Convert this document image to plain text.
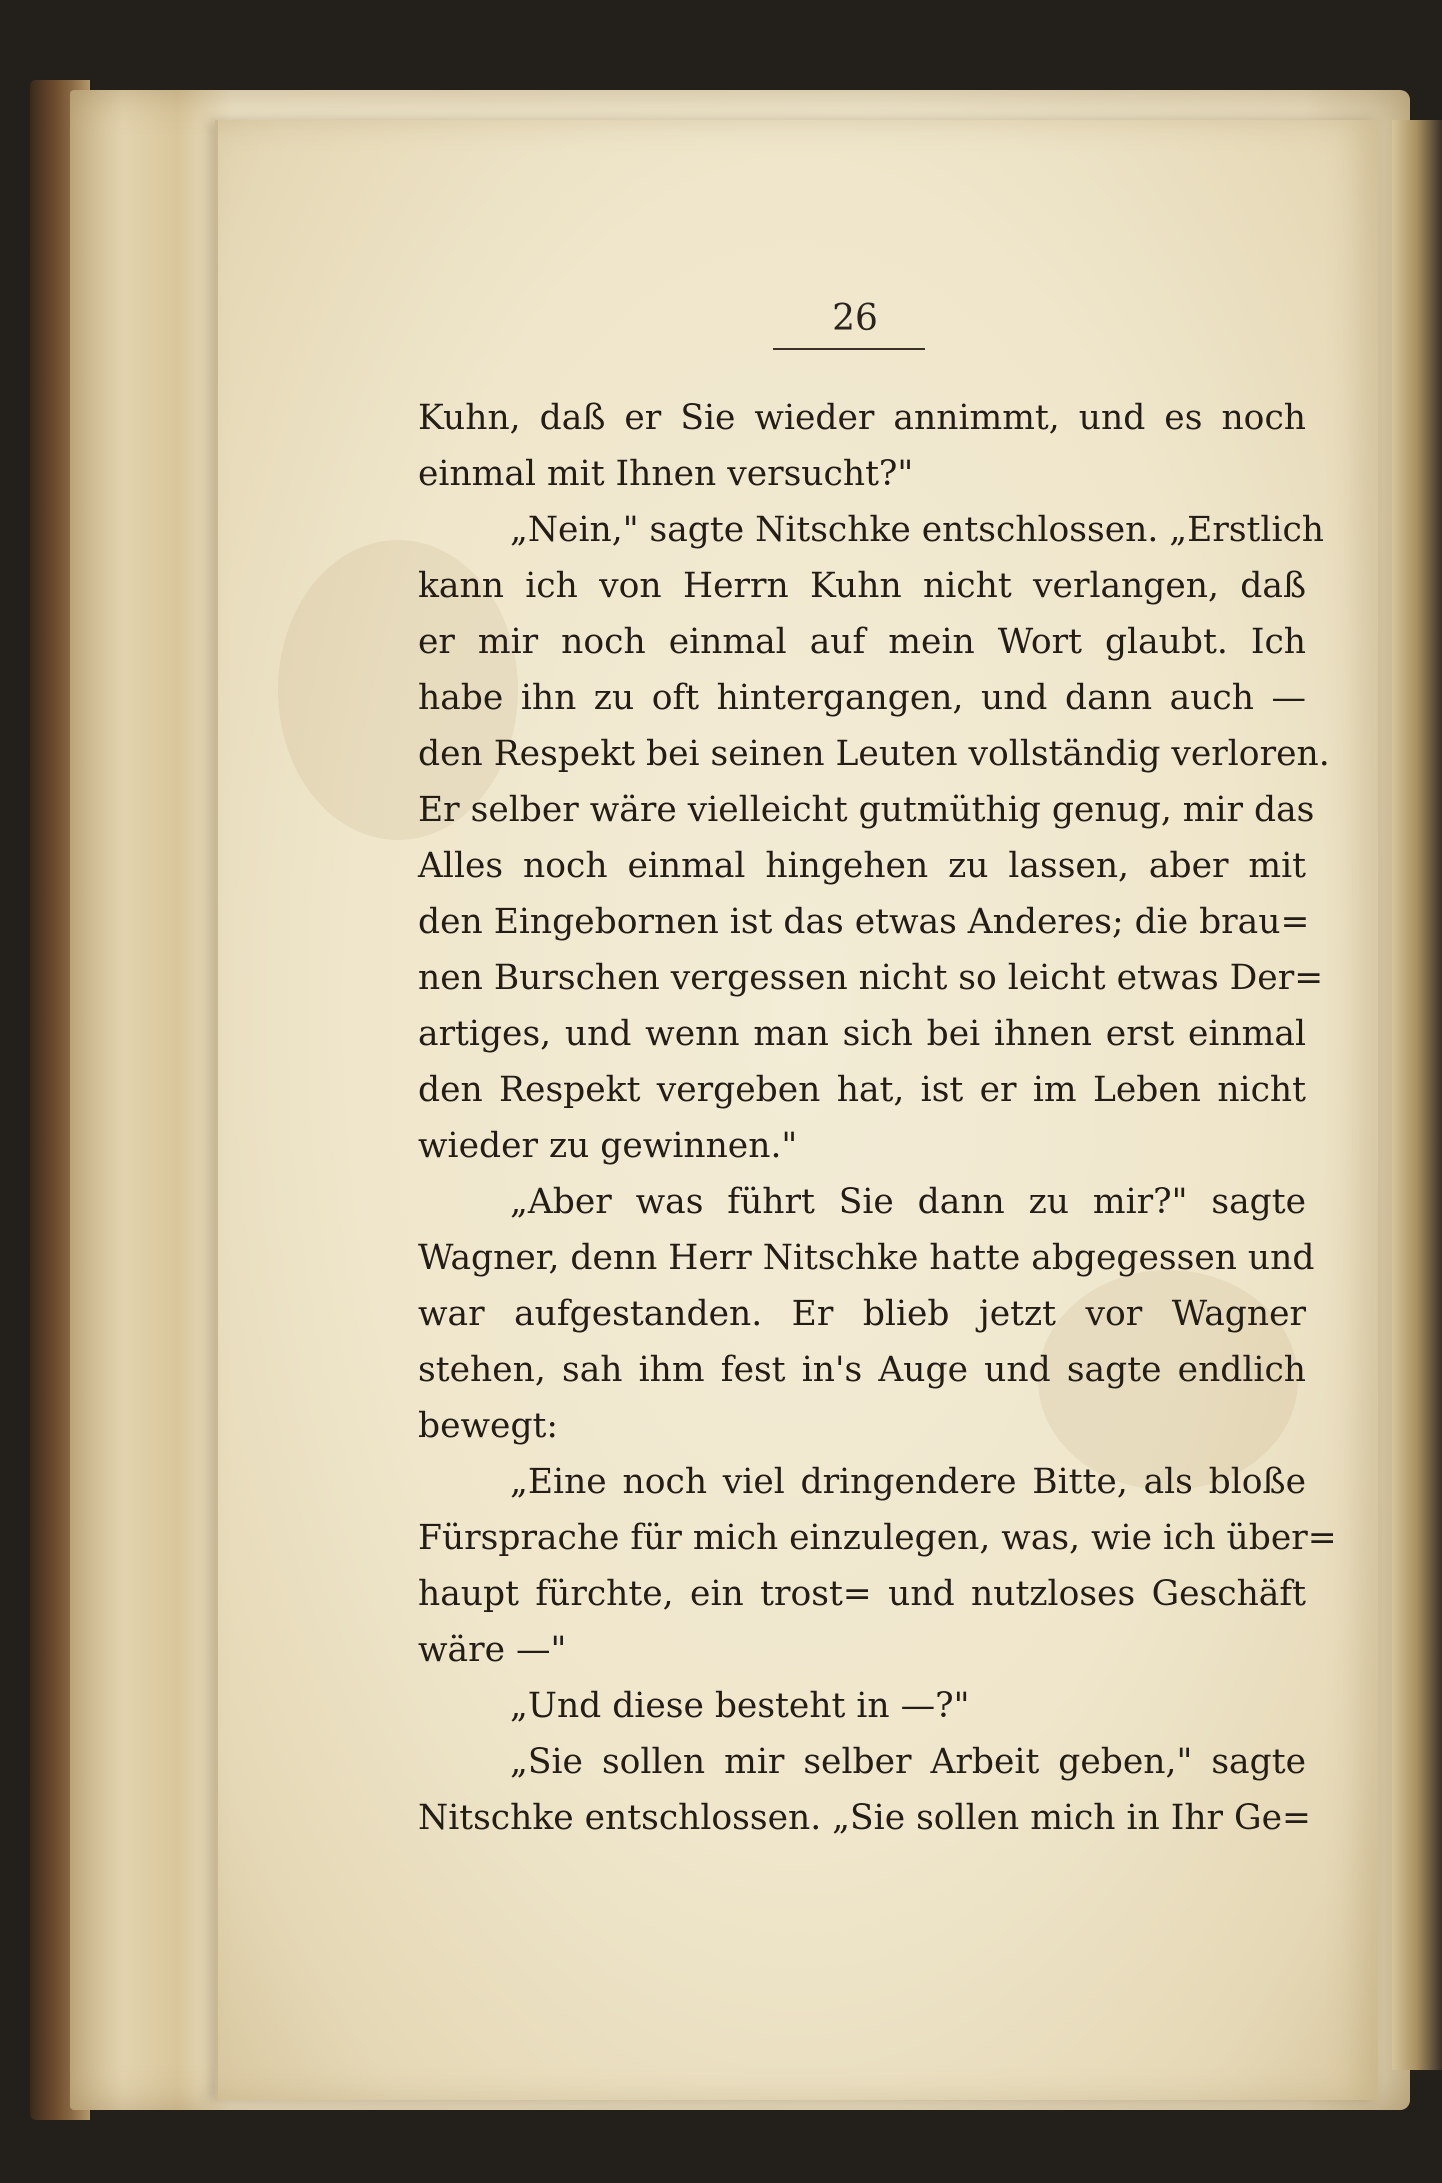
26
Kuhn, daß er Sie wieder annimmt, und es noch
einmal mit Ihnen versucht?"
„Nein," sagte Nitschke entschlossen. „Erstlich
kann ich von Herrn Kuhn nicht verlangen, daß
er mir noch einmal auf mein Wort glaubt. Ich
habe ihn zu oft hintergangen, und dann auch —
den Respekt bei seinen Leuten vollständig verloren.
Er selber wäre vielleicht gutmüthig genug, mir das
Alles noch einmal hingehen zu lassen, aber mit
den Eingebornen ist das etwas Anderes; die brau=
nen Burschen vergessen nicht so leicht etwas Der=
artiges, und wenn man sich bei ihnen erst einmal
den Respekt vergeben hat, ist er im Leben nicht
wieder zu gewinnen."
„Aber was führt Sie dann zu mir?" sagte
Wagner, denn Herr Nitschke hatte abgegessen und
war aufgestanden. Er blieb jetzt vor Wagner
stehen, sah ihm fest in's Auge und sagte endlich
bewegt:
„Eine noch viel dringendere Bitte, als bloße
Fürsprache für mich einzulegen, was, wie ich über=
haupt fürchte, ein trost= und nutzloses Geschäft
wäre —"
„Und diese besteht in —?"
„Sie sollen mir selber Arbeit geben," sagte
Nitschke entschlossen. „Sie sollen mich in Ihr Ge=
